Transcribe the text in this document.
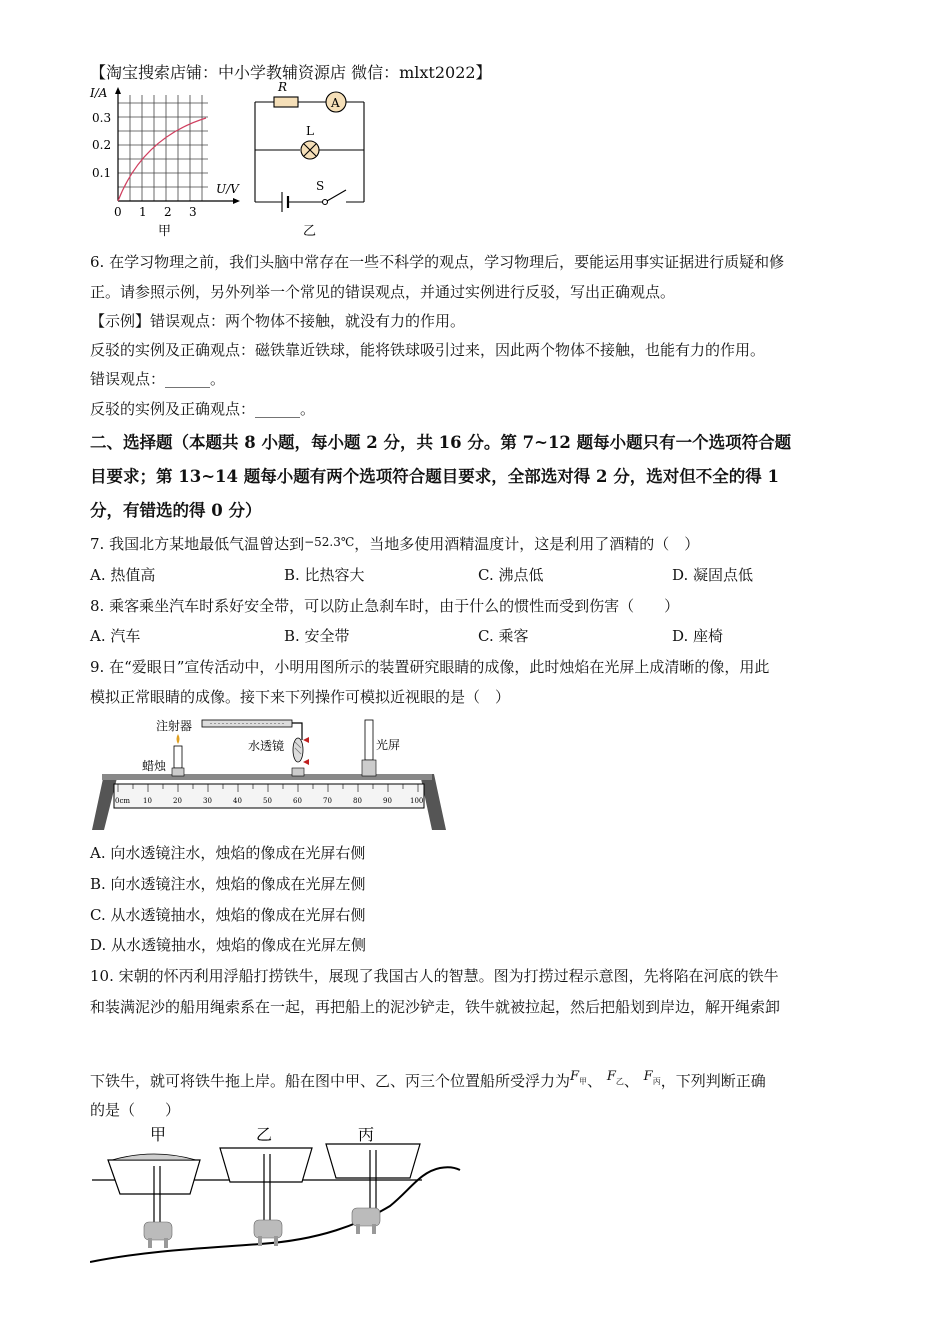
【淘宝搜索店铺：中小学教辅资源店 微信：mlxt2022】
I/A
0.3
0.2
0.1
U/V
0 1 2 3
甲
R
A
L
S
乙
6. 在学习物理之前，我们头脑中常存在一些不科学的观点，学习物理后，要能运用事实证据进行质疑和修
正。请参照示例，另外列举一个常见的错误观点，并通过实例进行反驳，写出正确观点。
【示例】错误观点：两个物体不接触，就没有力的作用。
反驳的实例及正确观点：磁铁靠近铁球，能将铁球吸引过来，因此两个物体不接触，也能有力的作用。
错误观点：______。
反驳的实例及正确观点：______。
二、选择题（本题共 8 小题，每小题 2 分，共 16 分。第 7~12 题每小题只有一个选项符合题
目要求；第 13~14 题每小题有两个选项符合题目要求，全部选对得 2 分，选对但不全的得 1
分，有错选的得 0 分）
7. 我国北方某地最低气温曾达到$^{-52.3℃}$，当地多使用酒精温度计，这是利用了酒精的（　）
A. 热值高	B. 比热容大	C. 沸点低	D. 凝固点低
8. 乘客乘坐汽车时系好安全带，可以防止急刹车时，由于什么的惯性而受到伤害（　　）
A. 汽车	B. 安全带	C. 乘客	D. 座椅
9. 在“爱眼日”宣传活动中，小明用图所示的装置研究眼睛的成像，此时烛焰在光屏上成清晰的像，用此
模拟正常眼睛的成像。接下来下列操作可模拟近视眼的是（　）
0cm 10	20	30	40	50	60	70	80	90	100
注射器
水透镜
蜡烛
光屏
A. 向水透镜注水，烛焰的像成在光屏右侧
B. 向水透镜注水，烛焰的像成在光屏左侧
C. 从水透镜抽水，烛焰的像成在光屏右侧
D. 从水透镜抽水，烛焰的像成在光屏左侧
10. 宋朝的怀丙利用浮船打捞铁牛，展现了我国古人的智慧。图为打捞过程示意图，先将陷在河底的铁牛
和装满泥沙的船用绳索系在一起，再把船上的泥沙铲走，铁牛就被拉起，然后把船划到岸边，解开绳索卸
下铁牛，就可将铁牛拖上岸。船在图中甲、乙、丙三个位置船所受浮力为$F_甲$、 $F_乙$、 $F_丙$，下列判断正确
的是（　　）
甲	乙	丙
